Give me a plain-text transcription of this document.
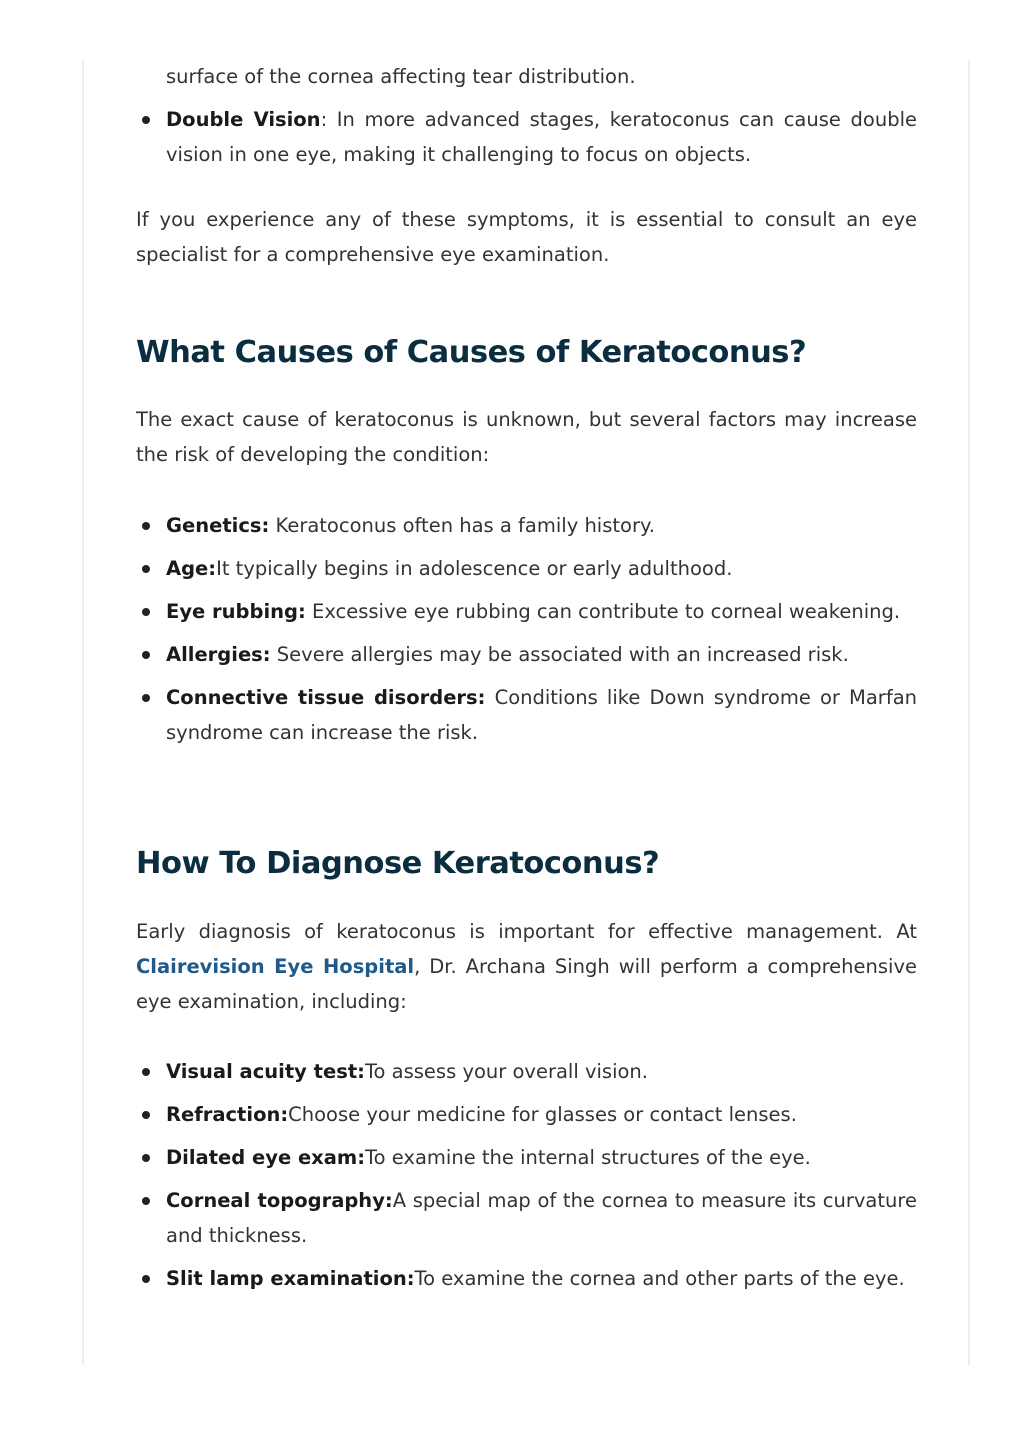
surface of the cornea affecting tear distribution.
Double Vision: In more advanced stages, keratoconus can cause double vision in one eye, making it challenging to focus on objects.

If you experience any of these symptoms, it is essential to consult an eye specialist for a comprehensive eye examination.

What Causes of Causes of Keratoconus?

The exact cause of keratoconus is unknown, but several factors may increase the risk of developing the condition:

Genetics: Keratoconus often has a family history.
Age:It typically begins in adolescence or early adulthood.
Eye rubbing: Excessive eye rubbing can contribute to corneal weakening.
Allergies: Severe allergies may be associated with an increased risk.
Connective tissue disorders: Conditions like Down syndrome or Marfan syndrome can increase the risk.
How To Diagnose Keratoconus?

Early diagnosis of keratoconus is important for effective management. At Clairevision Eye Hospital, Dr. Archana Singh will perform a comprehensive eye examination, including:

Visual acuity test:To assess your overall vision.
Refraction:Choose your medicine for glasses or contact lenses.
Dilated eye exam:To examine the internal structures of the eye.
Corneal topography:A special map of the cornea to measure its curvature and thickness.
Slit lamp examination:To examine the cornea and other parts of the eye.
